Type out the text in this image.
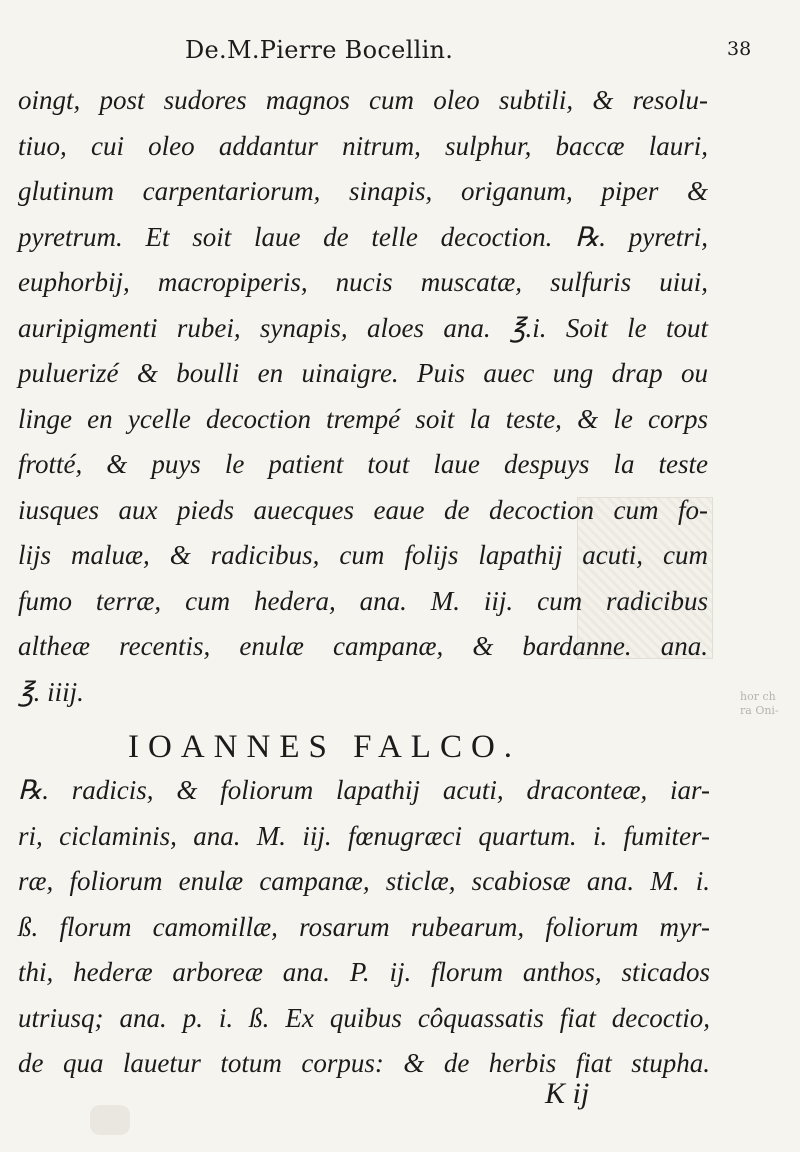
hor ch
ra Oni-
De.M.Pierre Bocellin.	38
oingt, post sudores magnos cum oleo subtili, & resolu-
tiuo, cui oleo addantur nitrum, sulphur, baccæ lauri,
glutinum carpentariorum, sinapis, origanum, piper &
pyretrum. Et soit laue de telle decoction. ℞. pyretri,
euphorbij, macropiperis, nucis muscatæ, sulfuris uiui,
auripigmenti rubei, synapis, aloes ana. ℥.i. Soit le tout
puluerizé & boulli en uinaigre. Puis auec ung drap ou
linge en ycelle decoction trempé soit la teste, & le corps
frotté, & puys le patient tout laue despuys la teste
iusques aux pieds auecques eaue de decoction cum fo-
lijs maluæ, & radicibus, cum folijs lapathij acuti, cum
fumo terræ, cum hedera, ana. M. iij. cum radicibus
altheæ recentis, enulæ campanæ, & bardanne. ana.
℥. iiij.
IOANNES FALCO.
℞. radicis, & foliorum lapathij acuti, draconteæ, iar-
ri, ciclaminis, ana. M. iij. fœnugræci quartum. i. fumiter-
ræ, foliorum enulæ campanæ, sticlæ, scabiosæ ana. M. i.
ß. florum camomillæ, rosarum rubearum, foliorum myr-
thi, hederæ arboreæ ana. P. ij. florum anthos, sticados
utriusq; ana. p. i. ß. Ex quibus côquassatis fiat decoctio,
de qua lauetur totum corpus: & de herbis fiat stupha.
K ij
